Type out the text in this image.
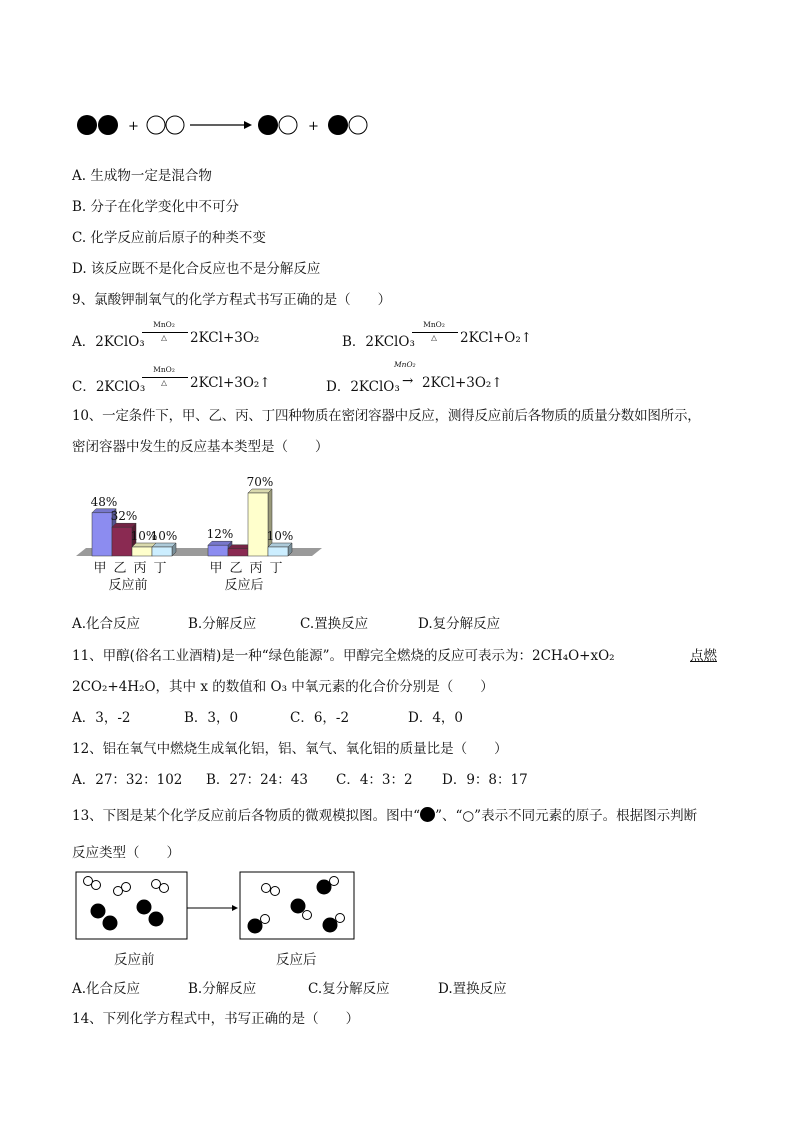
+	+
A. 生成物一定是混合物
B. 分子在化学变化中不可分
C. 化学反应前后原子的种类不变
D. 该反应既不是化合反应也不是分解反应
9、氯酸钾制氧气的化学方程式书写正确的是（　　）
A．2KClO₃
MnO₂
△	2KCl+3O₂	B．2KClO₃
MnO₂
△	2KCl+O₂↑
C．2KClO₃
MnO₂
△	2KCl+3O₂↑	D．2KClO₃
MnO₂
→ 2KCl+3O₂↑
10、一定条件下，甲、乙、丙、丁四种物质在密闭容器中反应，测得反应前后各物质的质量分数如图所示，
密闭容器中发生的反应基本类型是（　　）
48%
甲
32%
乙
10%
丙
10%
丁
反应前
12%
甲 乙
70%
丙
10%
丁
反应后
A.化合反应	B.分解反应	C.置换反应	D.复分解反应
11、甲醇(俗名工业酒精)是一种“绿色能源”。甲醇完全燃烧的反应可表示为：2CH₄O+xO₂	点燃
2CO₂+4H₂O，其中 x 的数值和 O₃ 中氧元素的化合价分别是（　　）
A．3，-2	B．3，0	C．6，-2	D．4，0
12、铝在氧气中燃烧生成氧化铝，铝、氧气、氧化铝的质量比是（　　）
A．27：32：102 B．27：24：43 C．4：3：2 D．9：8：17
13、下图是某个化学反应前后各物质的微观模拟图。图中“ ”、“○”表示不同元素的原子。根据图示判断
反应类型（　　）
反应前	反应后
A.化合反应	B.分解反应	C.复分解反应	D.置换反应
14、下列化学方程式中，书写正确的是（　　）
